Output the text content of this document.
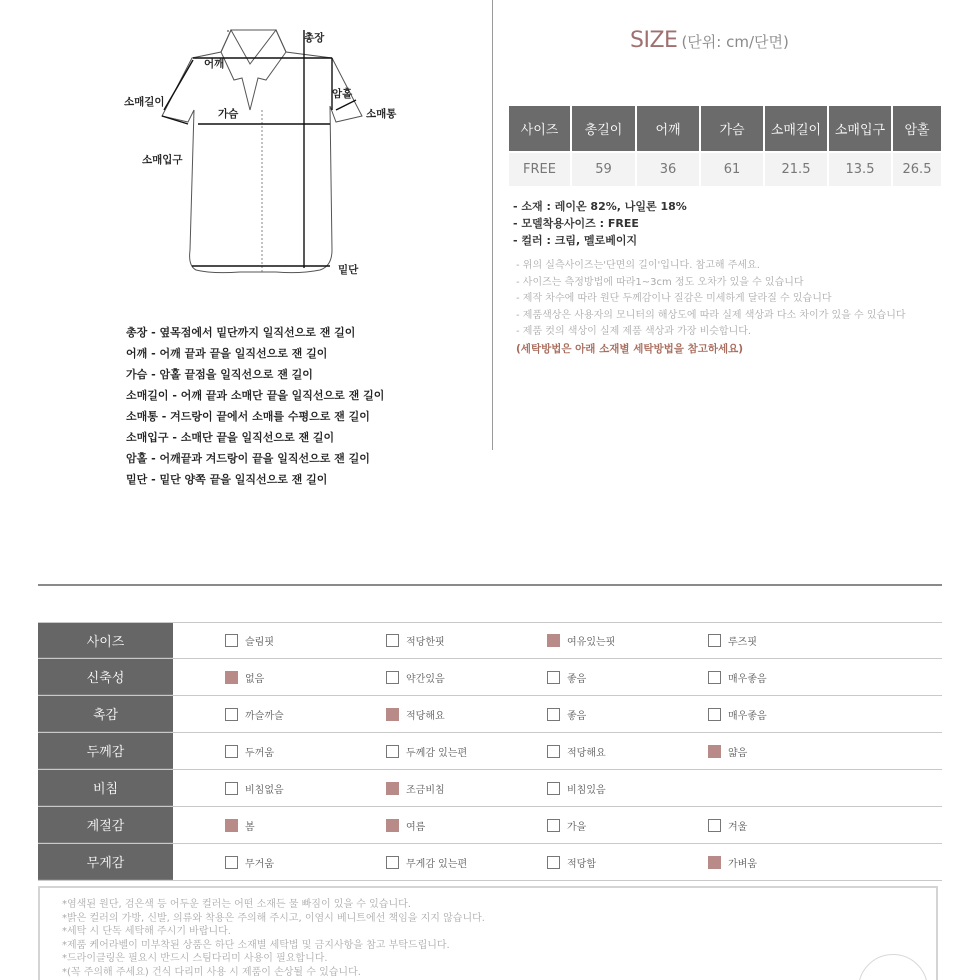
총장
어깨
암홀
소매길이
가슴	소매통
소매입구
밑단
총장 - 옆목점에서 밑단까지 일직선으로 잰 길이
어깨 - 어깨 끝과 끝을 일직선으로 잰 길이
가슴 - 암홀 끝점을 일직선으로 잰 길이
소매길이 - 어깨 끝과 소매단 끝을 일직선으로 잰 길이
소매통 - 겨드랑이 끝에서 소매를 수평으로 잰 길이
소매입구 - 소매단 끝을 일직선으로 잰 길이
암홀 - 어깨끝과 겨드랑이 끝을 일직선으로 잰 길이
밑단 - 밑단 양쪽 끝을 일직선으로 잰 길이
SIZE (단위: cm/단면)
사이즈	총길이	어깨	가슴	소매길이	소매입구	암홀
FREE	59	36	61	21.5	13.5	26.5
- 소재 : 레이온 82%, 나일론 18%
- 모델착용사이즈 : FREE
- 컬러 : 크림, 멜로베이지
- 위의 실측사이즈는'단면의 길이'입니다. 참고해 주세요.
- 사이즈는 측정방법에 따라1~3cm 정도 오차가 있을 수 있습니다
- 제작 차수에 따라 원단 두께감이나 질감은 미세하게 달라질 수 있습니다
- 제품색상은 사용자의 모니터의 해상도에 따라 실제 색상과 다소 차이가 있을 수 있습니다
- 제품 컷의 색상이 실제 제품 색상과 가장 비슷합니다.
(세탁방법은 아래 소재별 세탁방법을 참고하세요)
사이즈	슬림핏	적당한핏	여유있는핏	루즈핏
신축성	없음	약간있음	좋음	매우좋음
촉감	까슬까슬	적당해요	좋음	매우좋음
두께감	두꺼움	두께감 있는편	적당해요	얇음
비침	비침없음	조금비침	비침있음
계절감	봄	여름	가을	겨울
무게감	무거움	무게감 있는편	적당함	가벼움
*염색된 원단, 검은색 등 어두운 컬러는 어떤 소재든 물 빠짐이 있을 수 있습니다.
*밝은 컬러의 가방, 신발, 의류와 착용은 주의해 주시고, 이염시 베니트에선 책임을 지지 않습니다.
*세탁 시 단독 세탁해 주시기 바랍니다.
*제품 케어라벨이 미부착된 상품은 하단 소재별 세탁법 및 금지사항을 참고 부탁드립니다.
*드라이클링은 필요시 반드시 스팀다리미 사용이 필요합니다.
*(꼭 주의해 주세요) 건식 다리미 사용 시 제품이 손상될 수 있습니다.
